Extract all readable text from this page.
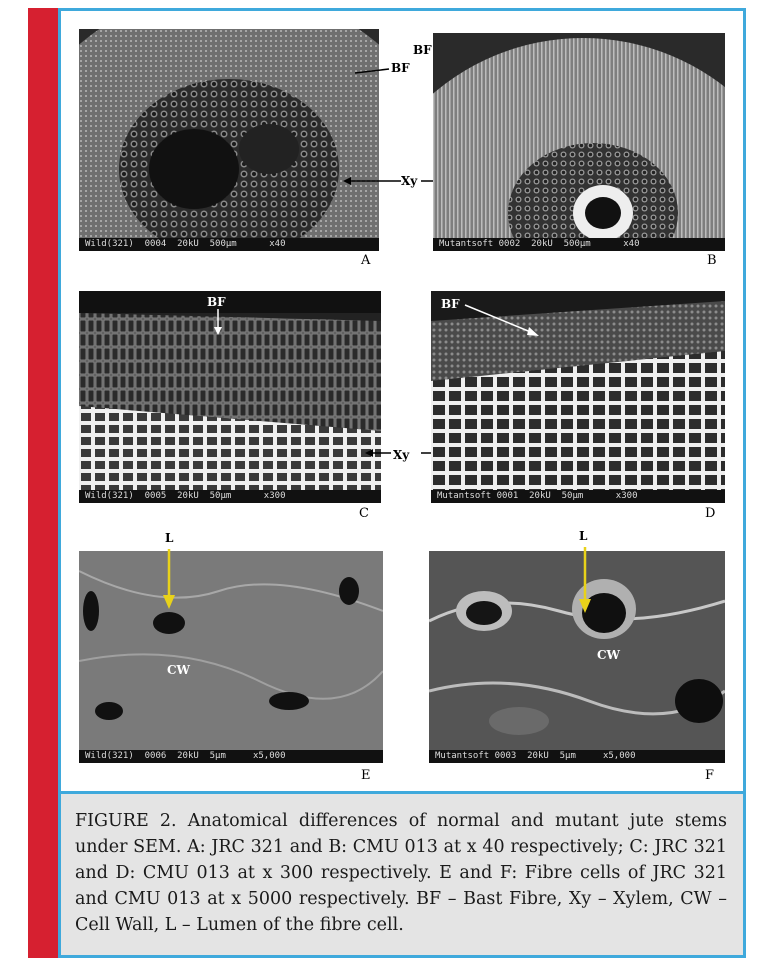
Wild(321)  0004  20kU  500µm      x40
BF
Xy
A
Mutantsoft 0002  20kU  500µm      x40
BF
B
Wild(321)  0005  20kU  50µm      x300
BF
Xy
C
Mutantsoft 0001  20kU  50µm      x300
BF
D
Wild(321)  0006  20kU  5µm     x5,000
L
CW
E
Mutantsoft 0003  20kU  5µm     x5,000
L
CW
F

FIGURE 2. Anatomical differences of normal and mutant jute stems under SEM. A: JRC 321 and B: CMU 013 at x 40 respectively; C: JRC 321 and D: CMU 013 at x 300 respectively. E and F: Fibre cells of JRC 321 and CMU 013 at x 5000 respectively. BF – Bast Fibre, Xy – Xylem, CW – Cell Wall, L – Lumen of the fibre cell.
